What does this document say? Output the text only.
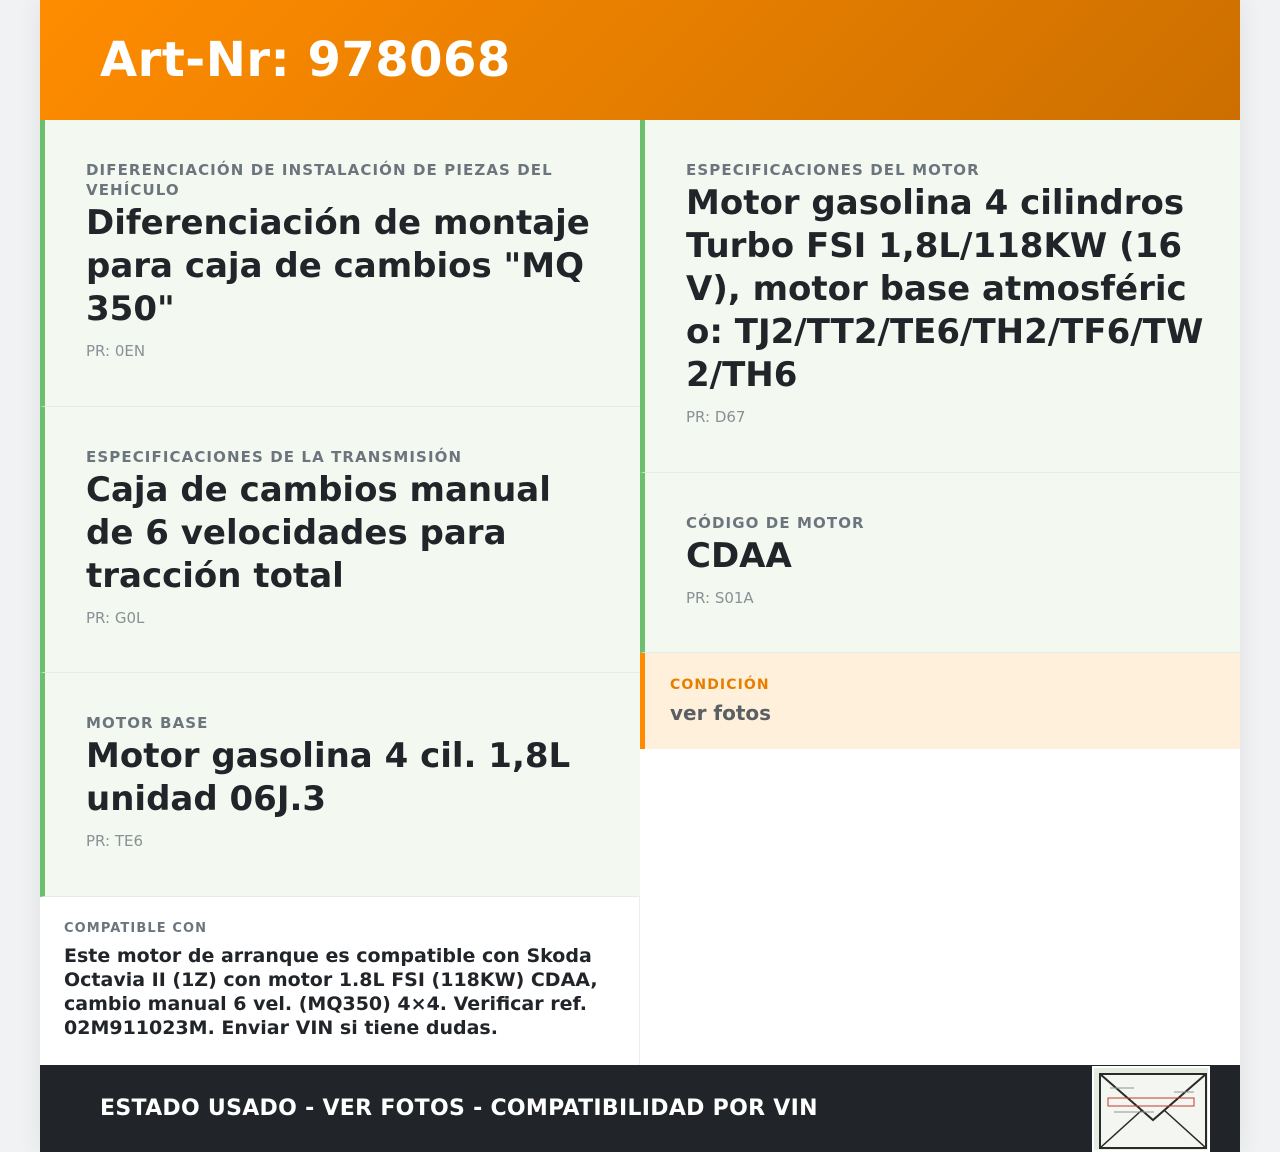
Art-Nr: 978068
DIFERENCIACIÓN DE INSTALACIÓN DE PIEZAS DEL VEHÍCULO
Diferenciación de montaje para caja de cambios "MQ 350"
PR: 0EN
ESPECIFICACIONES DE LA TRANSMISIÓN
Caja de cambios manual de 6 velocidades para tracción total
PR: G0L
MOTOR BASE
Motor gasolina 4 cil. 1,8L unidad 06J.3
PR: TE6
ESPECIFICACIONES DEL MOTOR
Motor gasolina 4 cilindros Turbo FSI 1,8L/118KW (16V), motor base atmosférico: TJ2/TT2/TE6/TH2/TF6/TW2/TH6
PR: D67
CÓDIGO DE MOTOR
CDAA
PR: S01A
CONDICIÓN
ver fotos
COMPATIBLE CON
Este motor de arranque es compatible con Skoda Octavia II (1Z) con motor 1.8L FSI (118KW) CDAA, cambio manual 6 vel. (MQ350) 4×4. Verificar ref. 02M911023M. Enviar VIN si tiene dudas.
ESTADO USADO - VER FOTOS - COMPATIBILIDAD POR VIN
